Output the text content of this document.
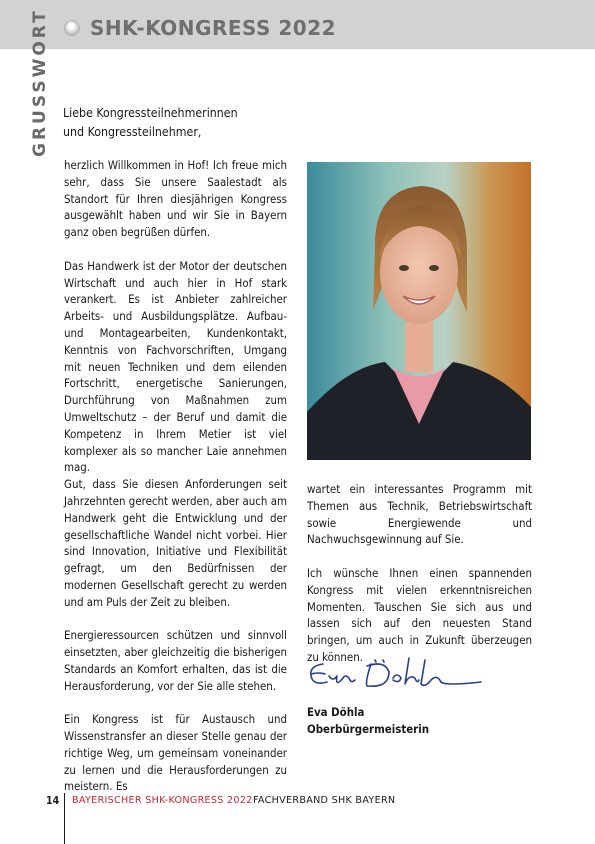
SHK-KONGRESS 2022
GRUSSWORT Liebe Kongressteilnehmerinnen
und Kongressteilnehmer,

herzlich Willkommen in Hof! Ich freue mich sehr, dass Sie unsere Saalestadt als Standort für Ihren diesjährigen Kongress ausgewählt haben und wir Sie in Bayern ganz oben begrüßen dürfen.

Das Handwerk ist der Motor der deutschen Wirtschaft und auch hier in Hof stark verankert. Es ist Anbieter zahlreicher Arbeits- und Ausbildungsplätze. Aufbau- und Montagearbeiten, Kundenkontakt, Kenntnis von Fachvorschriften, Umgang mit neuen Techniken und dem eilenden Fortschritt, energetische Sanierungen, Durchführung von Maßnahmen zum Umweltschutz – der Beruf und damit die Kompetenz in Ihrem Metier ist viel komplexer als so mancher Laie annehmen mag.

Gut, dass Sie diesen Anforderungen seit Jahrzehnten gerecht werden, aber auch am Handwerk geht die Entwicklung und der gesellschaftliche Wandel nicht vorbei. Hier sind Innovation, Initiative und Flexibilität gefragt, um den Bedürfnissen der modernen Gesellschaft gerecht zu werden und am Puls der Zeit zu bleiben.

Energieressourcen schützen und sinnvoll einsetzten, aber gleichzeitig die bisherigen Standards an Komfort erhalten, das ist die Herausforderung, vor der Sie alle stehen.

Ein Kongress ist für Austausch und Wissenstransfer an dieser Stelle genau der richtige Weg, um gemeinsam voneinander zu lernen und die Herausforderungen zu meistern. Es

wartet ein interessantes Programm mit Themen aus Technik, Betriebswirtschaft sowie Energiewende und Nachwuchsgewinnung auf Sie.

Ich wünsche Ihnen einen spannenden Kongress mit vielen erkenntnisreichen Momenten. Tauschen Sie sich aus und lassen sich auf den neuesten Stand bringen, um auch in Zukunft überzeugen zu können.

Eva Döhla
Oberbürgermeisterin
14 BAYERISCHER SHK-KONGRESS 2022 FACHVERBAND SHK BAYERN
